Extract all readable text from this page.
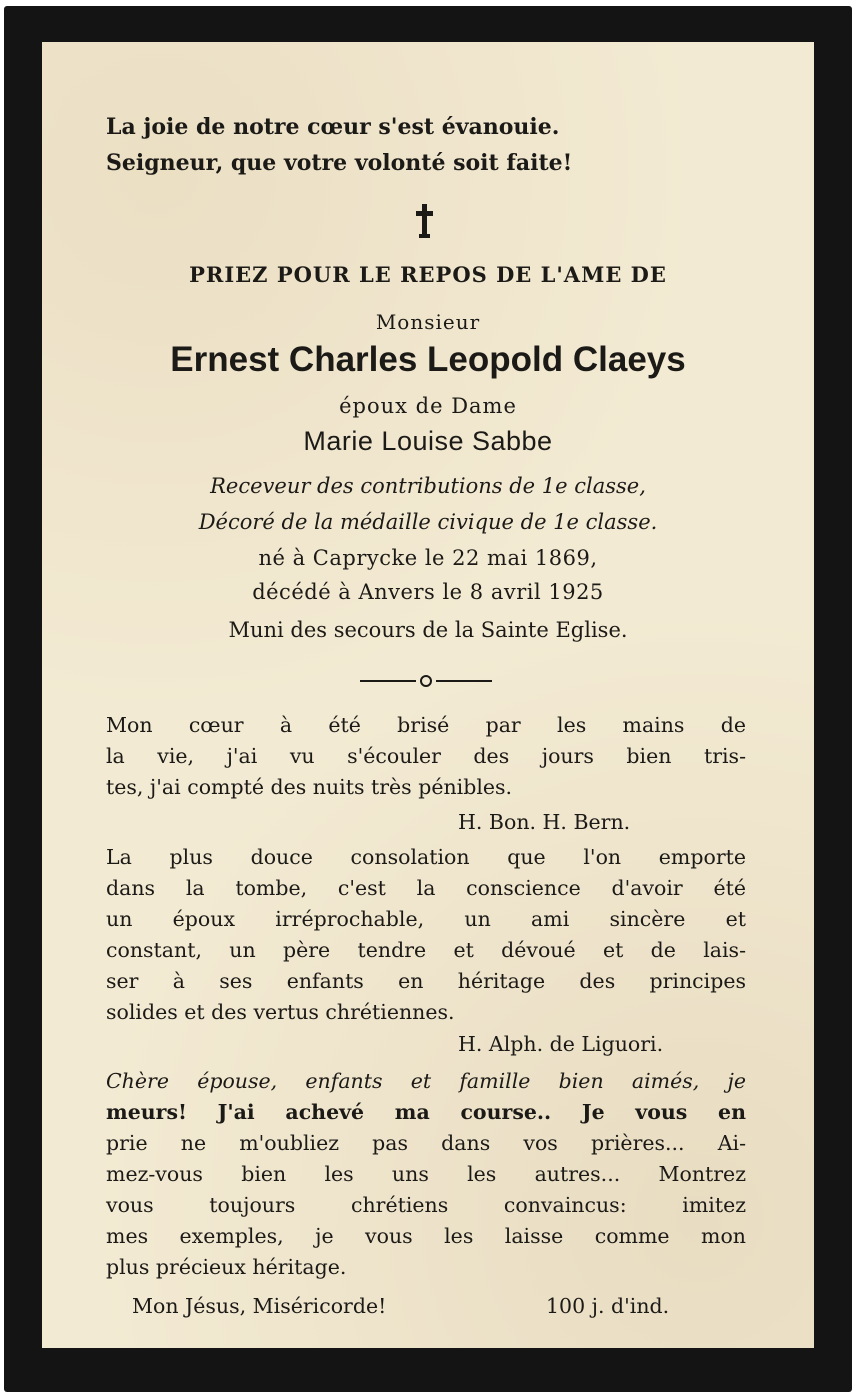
La joie de notre cœur s'est évanouie.
Seigneur, que votre volonté soit faite!
PRIEZ POUR LE REPOS DE L'AME DE
Monsieur
Ernest Charles Leopold Claeys
époux de Dame
Marie Louise Sabbe
Receveur des contributions de 1e classe,
Décoré de la médaille civique de 1e classe.
né à Caprycke le 22 mai 1869,
décédé à Anvers le 8 avril 1925
Muni des secours de la Sainte Eglise.
Mon cœur à été brisé par les mains de
la vie, j'ai vu s'écouler des jours bien tris-
tes, j'ai compté des nuits très pénibles.
H. Bon. H. Bern.
La plus douce consolation que l'on emporte
dans la tombe, c'est la conscience d'avoir été
un époux irréprochable, un ami sincère et
constant, un père tendre et dévoué et de lais-
ser à ses enfants en héritage des principes
solides et des vertus chrétiennes.
H. Alph. de Liguori.
Chère épouse, enfants et famille bien aimés, je
meurs! J'ai achevé ma course.. Je vous en
prie ne m'oubliez pas dans vos prières... Ai-
mez-vous bien les uns les autres... Montrez
vous toujours chrétiens convaincus: imitez
mes exemples, je vous les laisse comme mon
plus précieux héritage.
Mon Jésus, Miséricorde!	100 j. d'ind.
